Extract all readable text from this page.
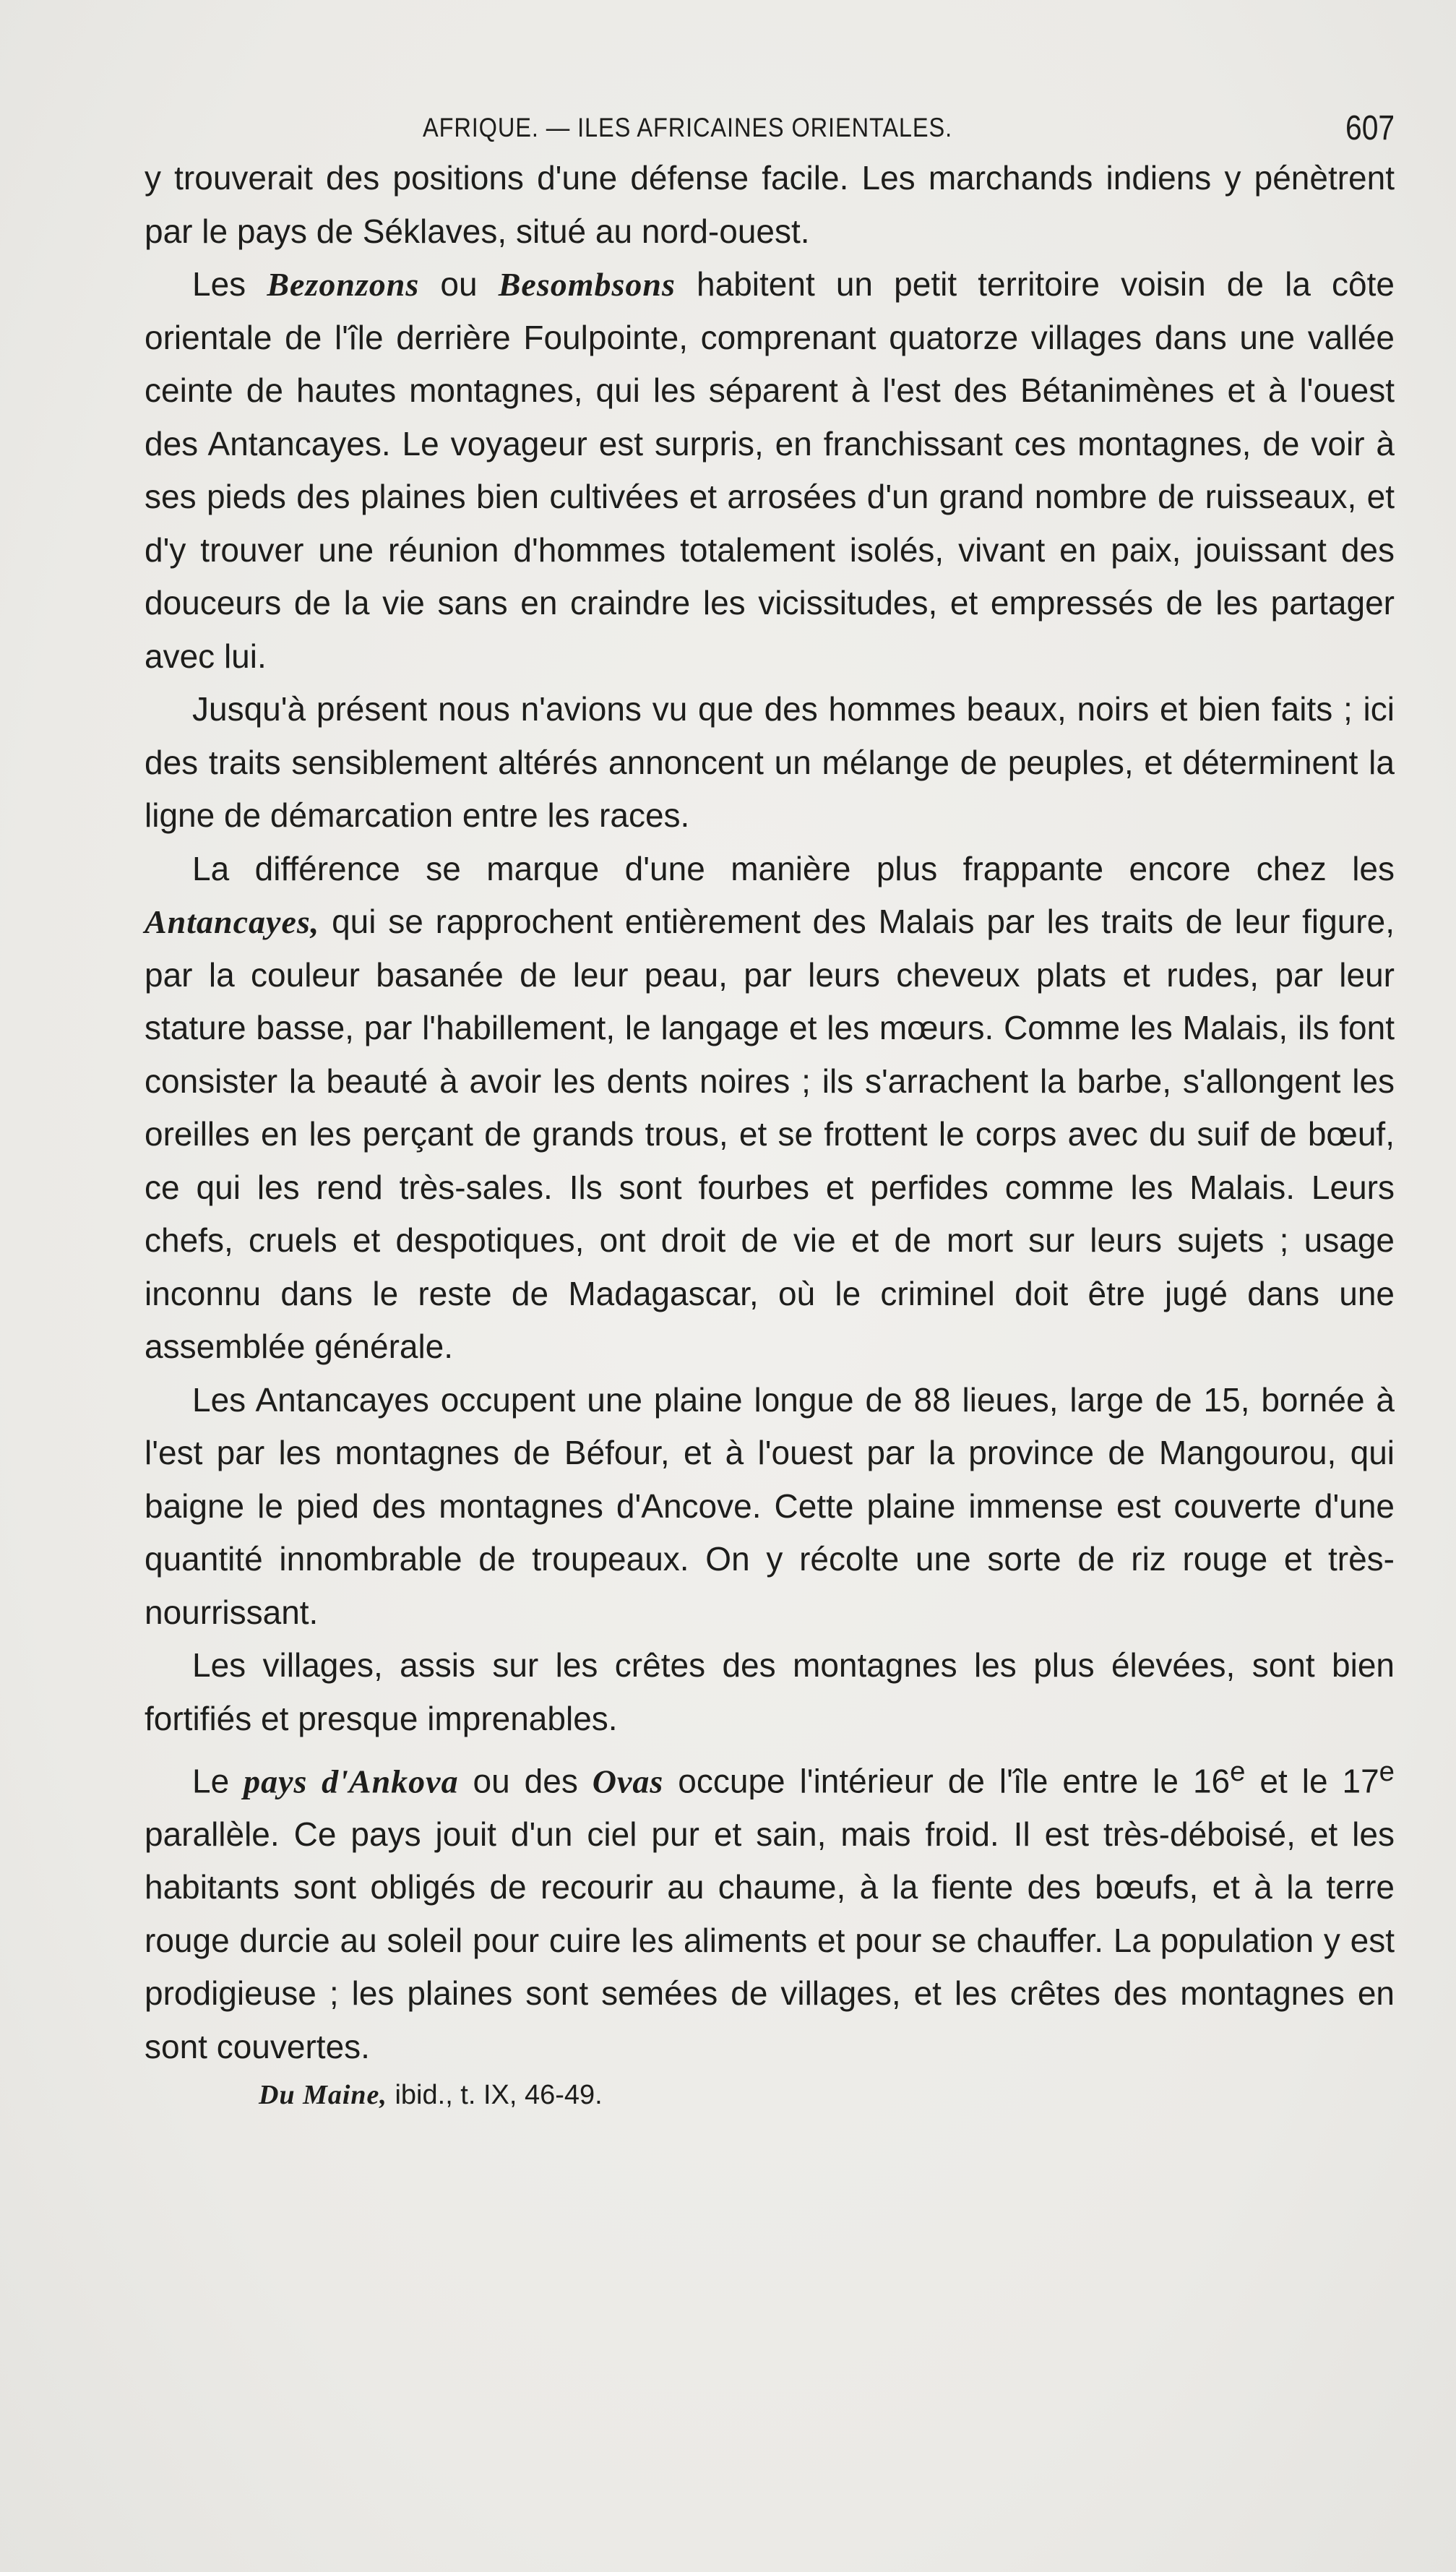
AFRIQUE. — ILES AFRICAINES ORIENTALES.	607

y trouverait des positions d'une défense facile. Les marchands indiens y pénètrent par le pays de Séklaves, situé au nord-ouest.

Les Bezonzons ou Besombsons habitent un petit territoire voisin de la côte orientale de l'île derrière Foulpointe, comprenant quatorze villages dans une vallée ceinte de hautes montagnes, qui les séparent à l'est des Bétanimènes et à l'ouest des Antancayes. Le voyageur est surpris, en franchissant ces montagnes, de voir à ses pieds des plaines bien cultivées et arrosées d'un grand nombre de ruisseaux, et d'y trouver une réunion d'hommes totalement isolés, vivant en paix, jouissant des douceurs de la vie sans en craindre les vicissitudes, et empressés de les partager avec lui.

Jusqu'à présent nous n'avions vu que des hommes beaux, noirs et bien faits ; ici des traits sensiblement altérés annoncent un mélange de peuples, et déterminent la ligne de démarcation entre les races.

La différence se marque d'une manière plus frappante encore chez les Antancayes, qui se rapprochent entièrement des Malais par les traits de leur figure, par la couleur basanée de leur peau, par leurs cheveux plats et rudes, par leur stature basse, par l'habillement, le langage et les mœurs. Comme les Malais, ils font consister la beauté à avoir les dents noires ; ils s'arrachent la barbe, s'allongent les oreilles en les perçant de grands trous, et se frottent le corps avec du suif de bœuf, ce qui les rend très-sales. Ils sont fourbes et perfides comme les Malais. Leurs chefs, cruels et despotiques, ont droit de vie et de mort sur leurs sujets ; usage inconnu dans le reste de Madagascar, où le criminel doit être jugé dans une assemblée générale.

Les Antancayes occupent une plaine longue de 88 lieues, large de 15, bornée à l'est par les montagnes de Béfour, et à l'ouest par la province de Mangourou, qui baigne le pied des montagnes d'Ancove. Cette plaine immense est couverte d'une quantité innombrable de troupeaux. On y récolte une sorte de riz rouge et très-nourrissant.

Les villages, assis sur les crêtes des montagnes les plus élevées, sont bien fortifiés et presque imprenables.

Le pays d'Ankova ou des Ovas occupe l'intérieur de l'île entre le 16e et le 17e parallèle. Ce pays jouit d'un ciel pur et sain, mais froid. Il est très-déboisé, et les habitants sont obligés de recourir au chaume, à la fiente des bœufs, et à la terre rouge durcie au soleil pour cuire les aliments et pour se chauffer. La population y est prodigieuse ; les plaines sont semées de villages, et les crêtes des montagnes en sont couvertes.

Du Maine, ibid., t. IX, 46-49.
